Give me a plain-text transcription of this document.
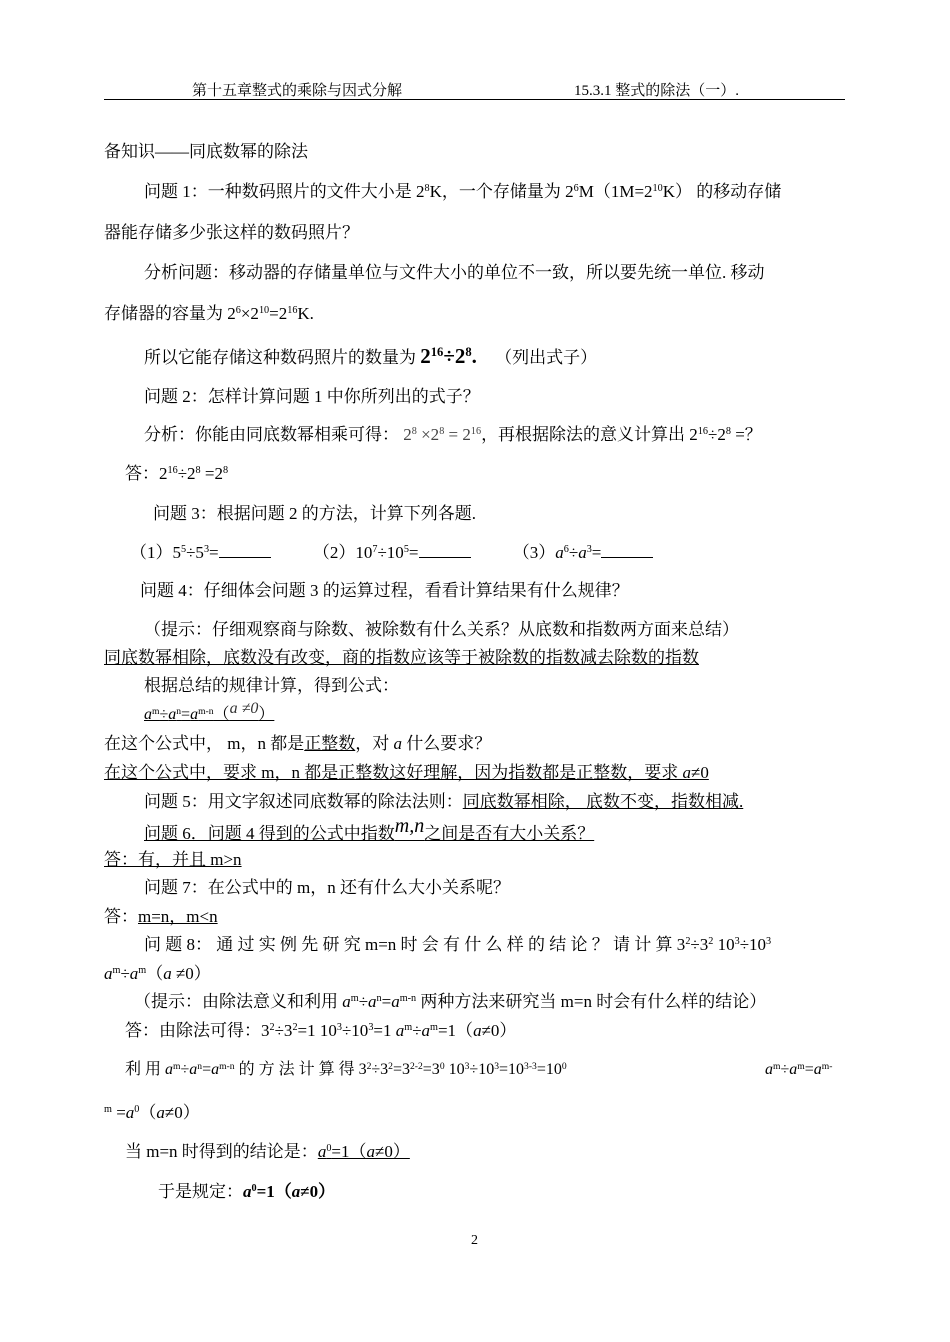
第十五章整式的乘除与因式分解	15.3.1 整式的除法（一）.
备知识——同底数幂的除法
问题 1：一种数码照片的文件大小是 $2^8K$，一个存储量为 $2^6M(1M=2^{10}K)$ 的移动存储
器能存储多少张这样的数码照片？
分析问题：移动器的存储量单位与文件大小的单位不一致，所以要先统一单位. 移动
存储器的容量为 $2^6\times 2^{10}=2^{16}K$.
所以它能存储这种数码照片的数量为 $2^{16}\div 2^8$. （列出式子）
问题 2：怎样计算问题 1 中你所列出的式子？
分析：你能由同底数幂相乘可得： $2^8 \times 2^8 = 2^{16}$，再根据除法的意义计算出 $2^{16}\div 2^8$ =？
答：$2^{16}\div 2^8 =2^8$
问题 3：根据问题 2 的方法，计算下列各题.
$(1)5^5\div 5^3=$	$(2)10^7\div 10^5=$	$(3)a^6\div a^3=$
问题 4：仔细体会问题 3 的运算过程，看看计算结果有什么规律？
（提示：仔细观察商与除数、被除数有什么关系？从底数和指数两方面来总结）
同底数幂相除，底数没有改变，商的指数应该等于被除数的指数减去除数的指数
根据总结的规律计算，得到公式：
$a^m\div a^n=a^{m-n}(a \ne 0)$
在这个公式中， m，n 都是正整数，对 a 什么要求？
在这个公式中，要求 m，n 都是正整数这好理解，因为指数都是正整数，要求 a≠0
问题 5：用文字叙述同底数幂的除法法则：同底数幂相除， 底数不变，指数相减.
问题 6．问题 4 得到的公式中指数m,n之间是否有大小关系？
答：有，并且 m>n
问题 7：在公式中的 m，n 还有什么大小关系呢？
答：m=n，m<n
问 题 8： 通 过 实 例 先 研 究 m=n 时 会 有 什 么 样 的 结 论 ？ 请 计 算 $3^2\div 3^2$ $10^3\div 10^3$
$a^m\div a^m(a \ne 0)$
（提示：由除法意义和利用 $a^m\div a^n=a^{m-n}$ 两种方法来研究当 m=n 时会有什么样的结论）
答：由除法可得：$3^2\div 3^2=1$ $10^3\div 10^3=1$ $a^m\div a^m=1(a\ne 0)$
利 用 $a^m\div a^n=a^{m-n}$ 的 方 法 计 算 得 $3^2\div 3^2=3^{2-2}=3^0$ $10^3\div 10^3=10^{3-3}=10^0$	$a^m\div a^m=a^{m-}$
$^m =a^0(a\ne 0)$
当 m=n 时得到的结论是：$a^0=1(a\ne 0)$
于是规定：$a^0=1(a\ne 0)$
2
